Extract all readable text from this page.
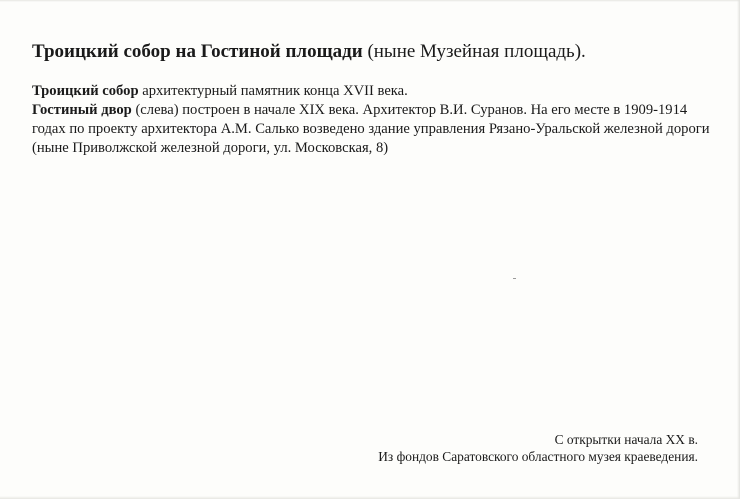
Троицкий собор на Гостиной площади (ныне Музейная площадь).

Троицкий собор архитектурный памятник конца XVII века.

Гостиный двор (слева) построен в начале XIX века. Архитектор В.И. Суранов. На его месте в 1909-1914 годах по проекту архитектора А.М. Салько возведено здание управления Рязано-Уральской железной дороги (ныне Приволжской железной дороги, ул. Московская, 8)

С открытки начала XX в.
Из фондов Саратовского областного музея краеведения.
